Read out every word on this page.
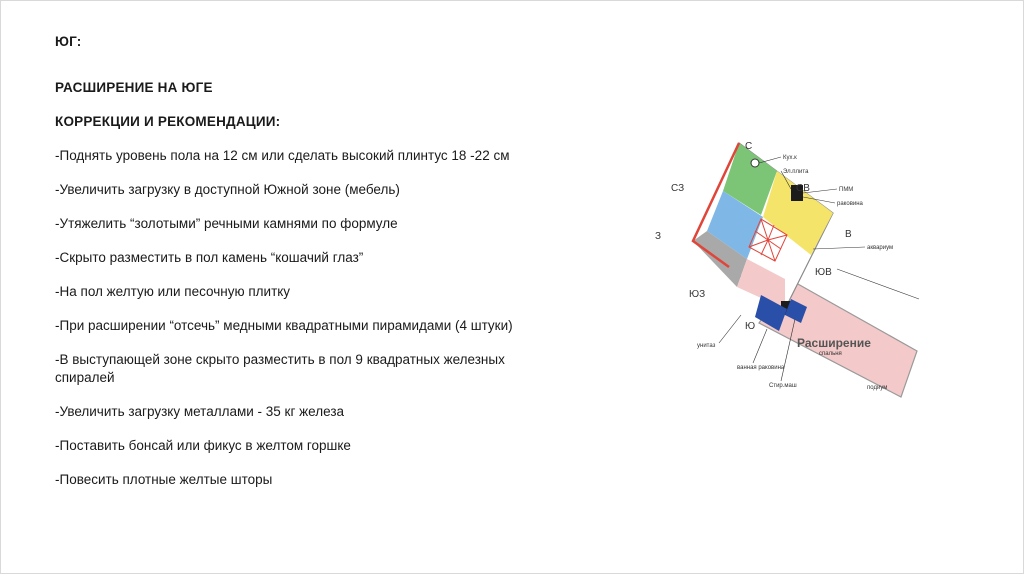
ЮГ:
РАСШИРЕНИЕ НА ЮГЕ
КОРРЕКЦИИ И РЕКОМЕНДАЦИИ:
-Поднять уровень пола на 12 см или сделать высокий плинтус 18 -22 см
-Увеличить загрузку в доступной Южной зоне (мебель)
-Утяжелить “золотыми” речными камнями по формуле
-Скрыто разместить в пол камень “кошачий глаз”
-На пол желтую или песочную плитку
-При расширении “отсечь” медными квадратными пирамидами (4 штуки)
-В выступающей зоне скрыто разместить в пол 9 квадратных железных спиралей
-Увеличить загрузку металлами - 35 кг железа
-Поставить бонсай или фикус в желтом горшке
-Повесить плотные желтые шторы
С
СВ
В
ЮВ
Ю
ЮЗ
З
СЗ
Кух.к
Эл.плита
ПММ
раковина
аквариум
унитаз
ванная раковина
Стир.маш
спальня
подиум
Расширение
